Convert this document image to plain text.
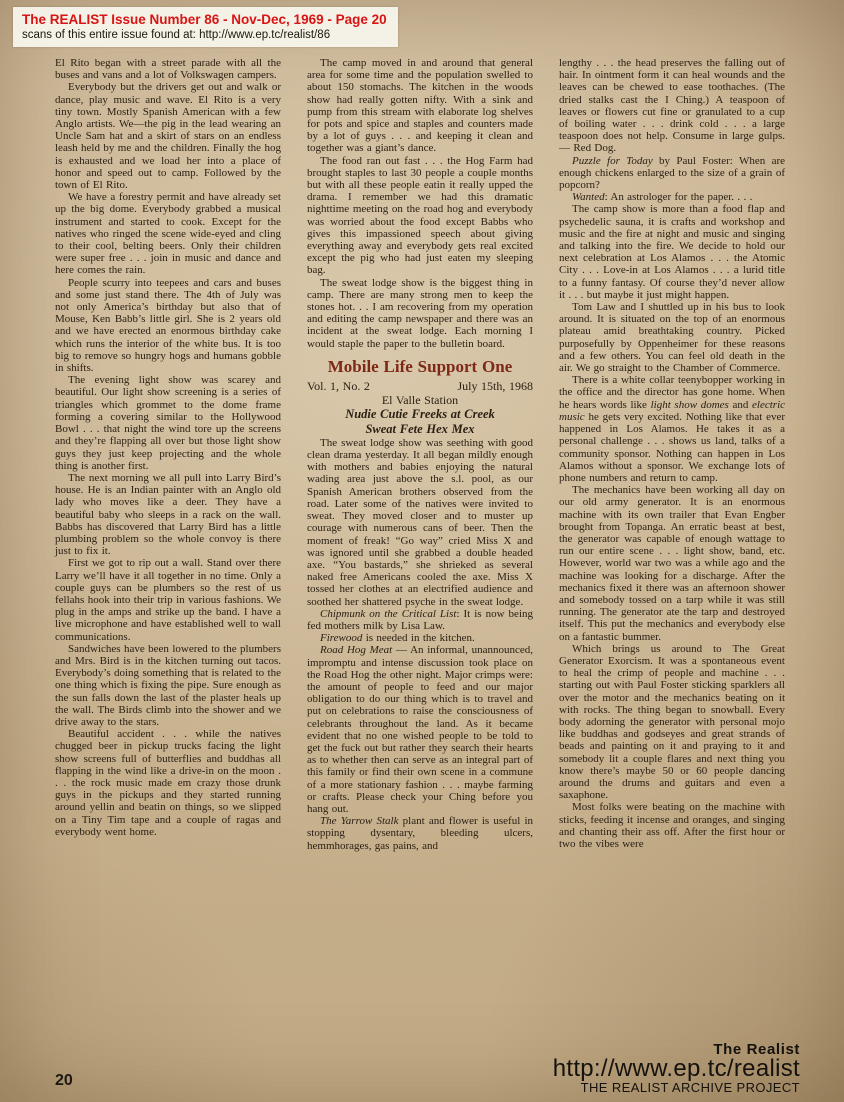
The REALIST Issue Number 86 - Nov-Dec, 1969 - Page 20
scans of this entire issue found at: http://www.ep.tc/realist/86

El Rito began with a street parade with all the buses and vans and a lot of Volkswagen campers.

Everybody but the drivers get out and walk or dance, play music and wave. El Rito is a very tiny town. Mostly Spanish American with a few Anglo artists. We—the pig in the lead wearing an Uncle Sam hat and a skirt of stars on an endless leash held by me and the children. Finally the hog is exhausted and we load her into a place of honor and speed out to camp. Followed by the town of El Rito.

We have a forestry permit and have already set up the big dome. Everybody grabbed a musical instrument and started to cook. Except for the natives who ringed the scene wide-eyed and cling to their cool, belting beers. Only their children were super free . . . join in music and dance and here comes the rain.

People scurry into teepees and cars and buses and some just stand there. The 4th of July was not only America’s birthday but also that of Mouse, Ken Babb’s little girl. She is 2 years old and we have erected an enormous birthday cake which runs the interior of the white bus. It is too big to remove so hungry hogs and humans gobble in shifts.

The evening light show was scarey and beautiful. Our light show screening is a series of triangles which grommet to the dome frame forming a covering similar to the Hollywood Bowl . . . that night the wind tore up the screens and they’re flapping all over but those light show guys they just keep projecting and the whole thing is another first.

The next morning we all pull into Larry Bird’s house. He is an Indian painter with an Anglo old lady who moves like a deer. They have a beautiful baby who sleeps in a rack on the wall. Babbs has discovered that Larry Bird has a little plumbing problem so the whole convoy is there just to fix it.

First we got to rip out a wall. Stand over there Larry we’ll have it all together in no time. Only a couple guys can be plumbers so the rest of us fellahs hook into their trip in various fashions. We plug in the amps and strike up the band. I have a live microphone and have established well to wall communications.

Sandwiches have been lowered to the plumbers and Mrs. Bird is in the kitchen turning out tacos. Everybody’s doing something that is related to the one thing which is fixing the pipe. Sure enough as the sun falls down the last of the plaster heals up the wall. The Birds climb into the shower and we drive away to the stars.

Beautiful accident . . . while the natives chugged beer in pickup trucks facing the light show screens full of butterflies and buddhas all flapping in the wind like a drive-in on the moon . . . the rock music made em crazy those drunk guys in the pickups and they started running around yellin and beatin on things, so we slipped on a Tiny Tim tape and a couple of ragas and everybody went home.

The camp moved in and around that general area for some time and the population swelled to about 150 stomachs. The kitchen in the woods show had really gotten nifty. With a sink and pump from this stream with elaborate log shelves for pots and spice and staples and counters made by a lot of guys . . . and keeping it clean and together was a giant’s dance.

The food ran out fast . . . the Hog Farm had brought staples to last 30 people a couple months but with all these people eatin it really upped the drama. I remember we had this dramatic nighttime meeting on the road hog and everybody was worried about the food except Babbs who gives this impassioned speech about giving everything away and everybody gets real excited except the pig who had just eaten my sleeping bag.

The sweat lodge show is the biggest thing in camp. There are many strong men to keep the stones hot. . . I am recovering from my operation and editing the camp newspaper and there was an incident at the sweat lodge. Each morning I would staple the paper to the bulletin board.

Mobile Life Support One
Vol. 1, No. 2	July 15th, 1968
El Valle Station
Nudie Cutie Freeks at Creek
Sweat Fete Hex Mex

The sweat lodge show was seething with good clean drama yesterday. It all began mildly enough with mothers and babies enjoying the natural wading area just above the s.l. pool, as our Spanish American brothers observed from the road. Later some of the natives were invited to sweat. They moved closer and to muster up courage with numerous cans of beer. Then the moment of freak! “Go way” cried Miss X and was ignored until she grabbed a double headed axe. “You bastards,” she shrieked as several naked free Americans cooled the axe. Miss X tossed her clothes at an electrified audience and soothed her shattered psyche in the sweat lodge.

Chipmunk on the Critical List: It is now being fed mothers milk by Lisa Law.

Firewood is needed in the kitchen.

Road Hog Meat — An informal, unannounced, impromptu and intense discussion took place on the Road Hog the other night. Major crimps were: the amount of people to feed and our major obligation to do our thing which is to travel and put on celebrations to raise the consciousness of celebrants throughout the land. As it became evident that no one wished people to be told to get the fuck out but rather they search their hearts as to whether then can serve as an integral part of this family or find their own scene in a commune of a more stationary fashion . . . maybe farming or crafts. Please check your Ching before you hang out.

The Yarrow Stalk plant and flower is useful in stopping dysentary, bleeding ulcers, hemmhorages, gas pains, and

lengthy . . . the head preserves the falling out of hair. In ointment form it can heal wounds and the leaves can be chewed to ease toothaches. (The dried stalks cast the I Ching.) A teaspoon of leaves or flowers cut fine or granulated to a cup of boiling water . . . drink cold . . . a large teaspoon does not help. Consume in large gulps. — Red Dog.

Puzzle for Today by Paul Foster: When are enough chickens enlarged to the size of a grain of popcorn?

Wanted: An astrologer for the paper. . . .

The camp show is more than a food flap and psychedelic sauna, it is crafts and workshop and music and the fire at night and music and singing and talking into the fire. We decide to hold our next celebration at Los Alamos . . . the Atomic City . . . Love-in at Los Alamos . . . a lurid title to a funny fantasy. Of course they’d never allow it . . . but maybe it just might happen.

Tom Law and I shuttled up in his bus to look around. It is situated on the top of an enormous plateau amid breathtaking country. Picked purposefully by Oppenheimer for these reasons and a few others. You can feel old death in the air. We go straight to the Chamber of Commerce.

There is a white collar teenybopper working in the office and the director has gone home. When he hears words like light show domes and electric music he gets very excited. Nothing like that ever happened in Los Alamos. He takes it as a personal challenge . . . shows us land, talks of a community sponsor. Nothing can happen in Los Alamos without a sponsor. We exchange lots of phone numbers and return to camp.

The mechanics have been working all day on our old army generator. It is an enormous machine with its own trailer that Evan Engber brought from Topanga. An erratic beast at best, the generator was capable of enough wattage to run our entire scene . . . light show, band, etc. However, world war two was a while ago and the machine was looking for a discharge. After the mechanics fixed it there was an afternoon shower and somebody tossed on a tarp while it was still running. The generator ate the tarp and destroyed itself. This put the mechanics and everybody else on a fantastic bummer.

Which brings us around to The Great Generator Exorcism. It was a spontaneous event to heal the crimp of people and machine . . . starting out with Paul Foster sticking sparklers all over the motor and the mechanics beating on it with rocks. The thing began to snowball. Every body adorning the generator with personal mojo like buddhas and godseyes and great strands of beads and painting on it and praying to it and somebody lit a couple flares and next thing you know there’s maybe 50 or 60 people dancing around the drums and guitars and even a saxaphone.

Most folks were beating on the machine with sticks, feeding it incense and oranges, and singing and chanting their ass off. After the first hour or two the vibes were

20
The Realist
http://www.ep.tc/realist
THE REALIST ARCHIVE PROJECT
